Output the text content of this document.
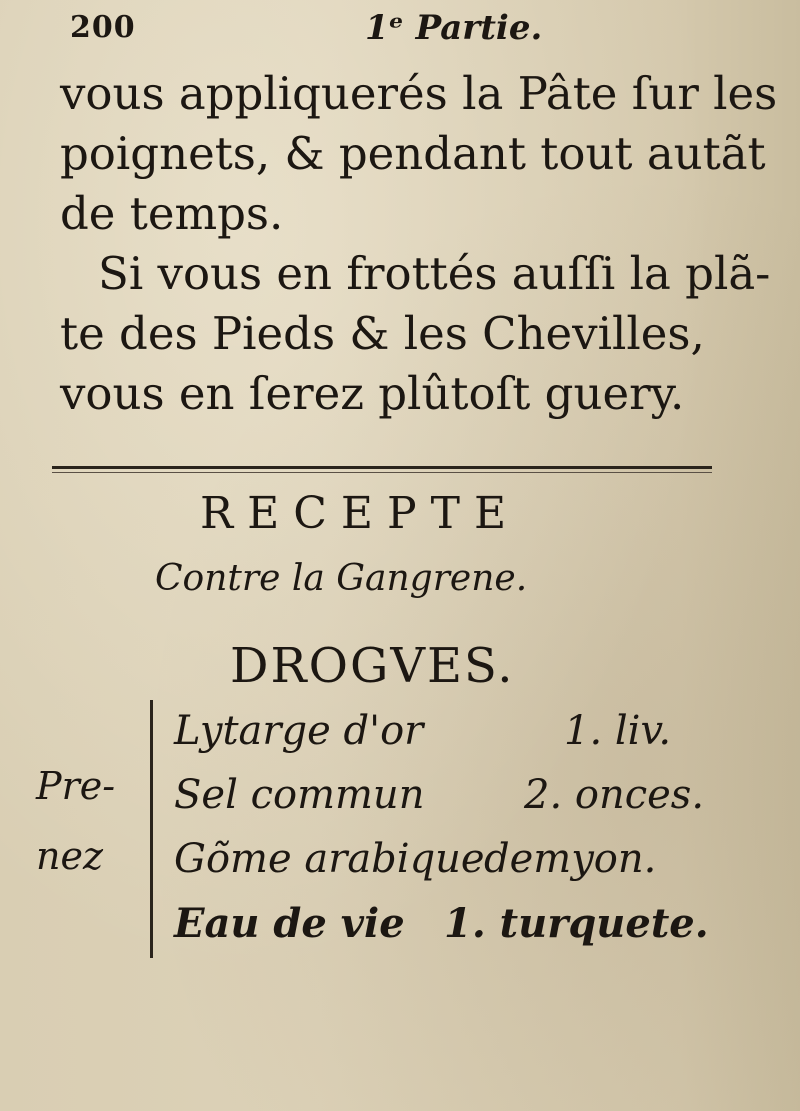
200	1ᵉ Partie.
vous appliquerés la Pâte ſur les
poignets, & pendant tout autãt
de temps.
Si vous en frottés auſſi la plã-
te des Pieds & les Chevilles,
vous en ſerez plûtoſt guery.
RECEPTE
Contre la Gangrene.
DROGVES.
Pre-
nez
Lytarge d'or	1. liv.
Sel commun 2. onces.
Gõme arabique demyon.
Eau de vie 1. turquete.
